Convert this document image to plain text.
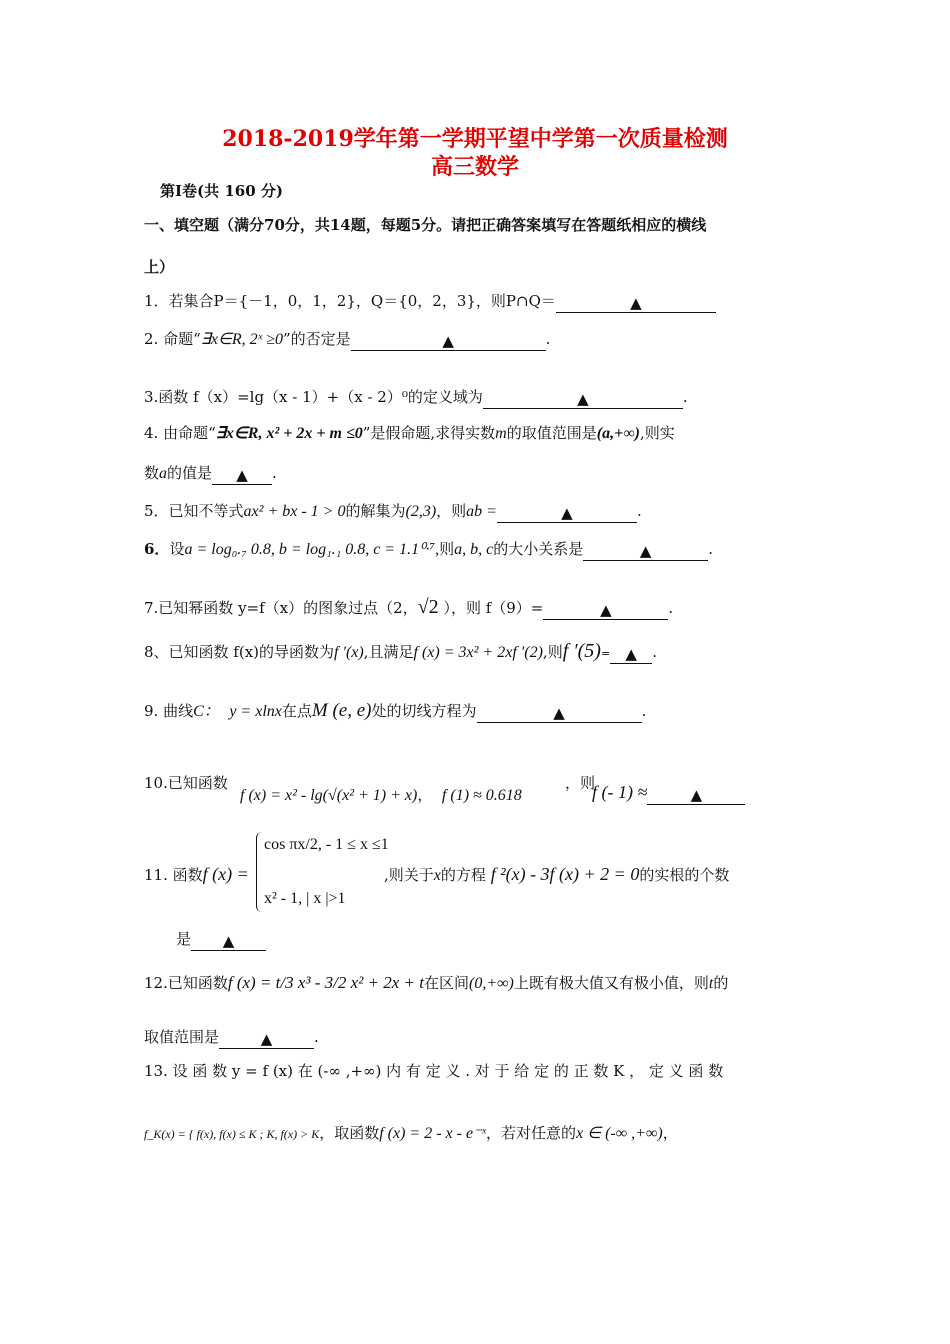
2018-2019学年第一学期平望中学第一次质量检测
高三数学
第Ⅰ卷(共 160 分)
一、填空题（满分70分，共14题，每题5分。请把正确答案填写在答题纸相应的横线
上）
1．若集合P＝{－1，0，1，2}，Q＝{0，2，3}，则P∩Q＝	▲
2. 命题“∃x∈R, 2ˣ ≥0”的否定是	▲	.
3.函数 f（x）=lg（x - 1）+（x - 2）⁰的定义域为	▲	.
4. 由命题“∃x∈R, x² + 2x + m ≤0”是假命题,求得实数m的取值范围是(a,+∞),则实
数a的值是 ▲ .
5．已知不等式ax² + bx - 1 > 0的解集为(2,3)，则ab =	▲	.
6．设a = log₀.₇ 0.8, b = log₁.₁ 0.8, c = 1.1⁰·⁷,则a, b, c的大小关系是	▲	.
7.已知幂函数 y=f（x）的图象过点（2，√2 ），则 f（9）=	▲	.
8、已知函数 f(x)的导函数为f ′(x),且满足f (x) = 3x² + 2xf ′(2),则f ′(5)= ▲ .
9. 曲线C： y = xlnx在点M (e, e)处的切线方程为	▲	.
10.已知函数
f (x) = x² - lg(√(x² + 1) + x)， f (1) ≈ 0.618
，则
f (- 1) ≈	▲
11. 函数f (x) =
cos πx/2, - 1 ≤ x ≤1
x² - 1, | x |>1
,则关于x的方程 f ²(x) - 3f (x) + 2 = 0的实根的个数
是 ▲
12.已知函数f (x) = t/3 x³ - 3/2 x² + 2x + t在区间(0,+∞)上既有极大值又有极小值，则t的
取值范围是	▲	.
13. 设 函 数 y = f (x) 在 (-∞ ,+∞) 内 有 定 义 . 对 于 给 定 的 正 数 K ， 定 义 函 数
f_K(x) = { f(x), f(x) ≤ K ; K, f(x) > K，取函数f (x) = 2 - x - e⁻ˣ，若对任意的x ∈ (-∞ ,+∞)，
